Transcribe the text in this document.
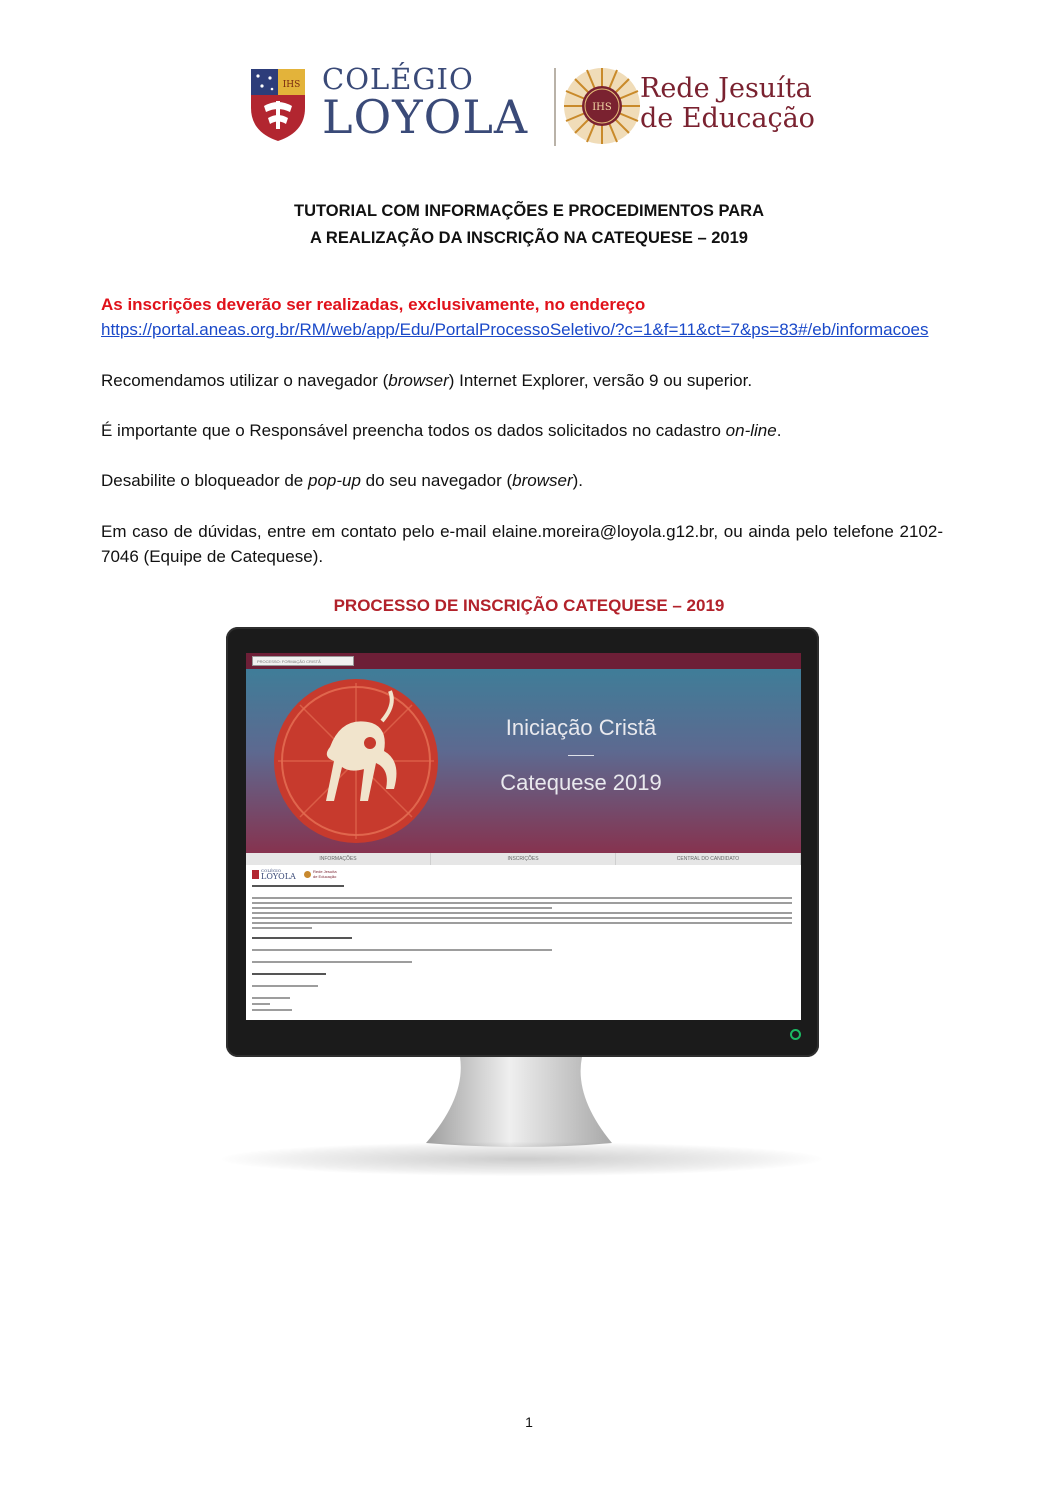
IHS COLÉGIO
LOYOLA	IHS
Rede Jesuíta
de Educação
TUTORIAL COM INFORMAÇÕES E PROCEDIMENTOS PARA
A REALIZAÇÃO DA INSCRIÇÃO NA CATEQUESE – 2019
As inscrições deverão ser realizadas, exclusivamente, no endereço
https://portal.aneas.org.br/RM/web/app/Edu/PortalProcessoSeletivo/?c=1&f=11&ct=7&ps=83#/eb/informacoes
Recomendamos utilizar o navegador (browser) Internet Explorer, versão 9 ou superior.
É importante que o Responsável preencha todos os dados solicitados no cadastro on-line.
Desabilite o bloqueador de pop-up do seu navegador (browser).
Em caso de dúvidas, entre em contato pelo e-mail elaine.moreira@loyola.g12.br, ou ainda pelo telefone 2102-7046 (Equipe de Catequese).
PROCESSO DE INSCRIÇÃO CATEQUESE – 2019
PROCESSO: FORMAÇÃO CRISTÃ
Iniciação Cristã
Catequese 2019
INFORMAÇÕES	INSCRIÇÕES	CENTRAL DO CANDIDATO
COLÉGIO
LOYOLA
Rede Jesuíta de Educação
1
